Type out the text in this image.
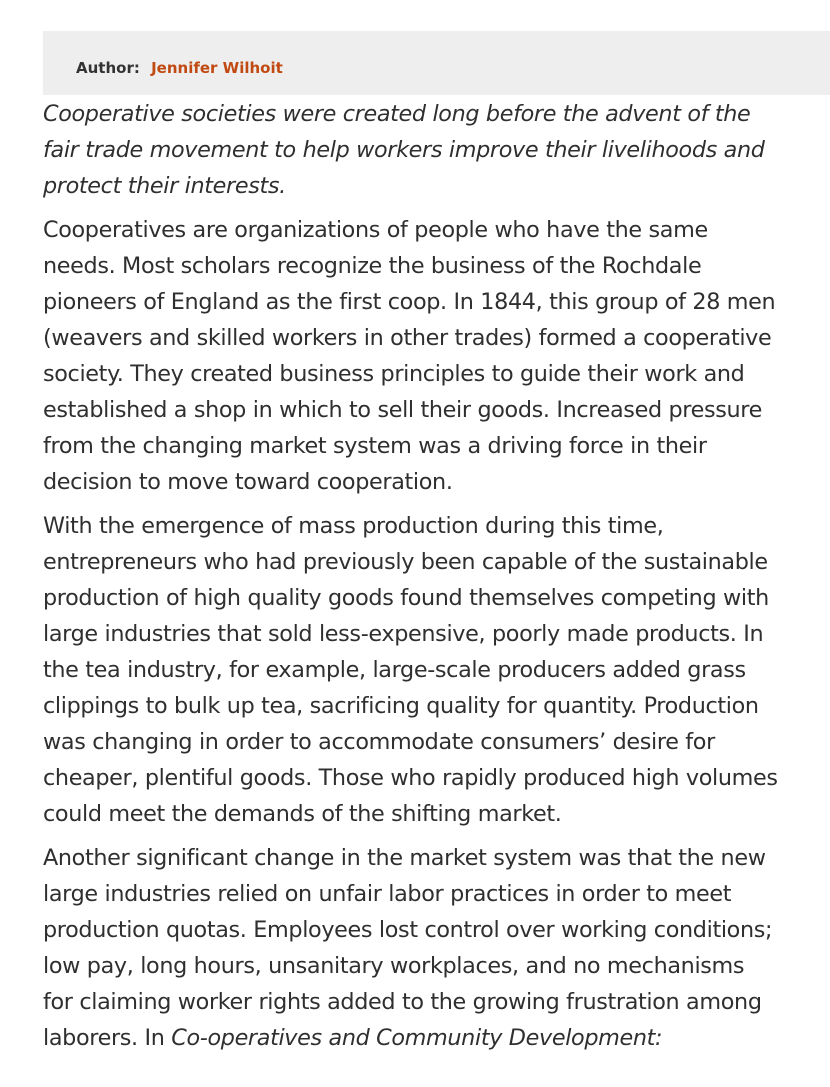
Author: Jennifer Wilhoit

Cooperative societies were created long before the advent of the
fair trade movement to help workers improve their livelihoods and
protect their interests.

Cooperatives are organizations of people who have the same
needs. Most scholars recognize the business of the Rochdale
pioneers of England as the first coop. In 1844, this group of 28 men
(weavers and skilled workers in other trades) formed a cooperative
society. They created business principles to guide their work and
established a shop in which to sell their goods. Increased pressure
from the changing market system was a driving force in their
decision to move toward cooperation.

With the emergence of mass production during this time,
entrepreneurs who had previously been capable of the sustainable
production of high quality goods found themselves competing with
large industries that sold less-expensive, poorly made products. In
the tea industry, for example, large-scale producers added grass
clippings to bulk up tea, sacrificing quality for quantity. Production
was changing in order to accommodate consumers’ desire for
cheaper, plentiful goods. Those who rapidly produced high volumes
could meet the demands of the shifting market.

Another significant change in the market system was that the new
large industries relied on unfair labor practices in order to meet
production quotas. Employees lost control over working conditions;
low pay, long hours, unsanitary workplaces, and no mechanisms
for claiming worker rights added to the growing frustration among
laborers. In Co-operatives and Community Development:
